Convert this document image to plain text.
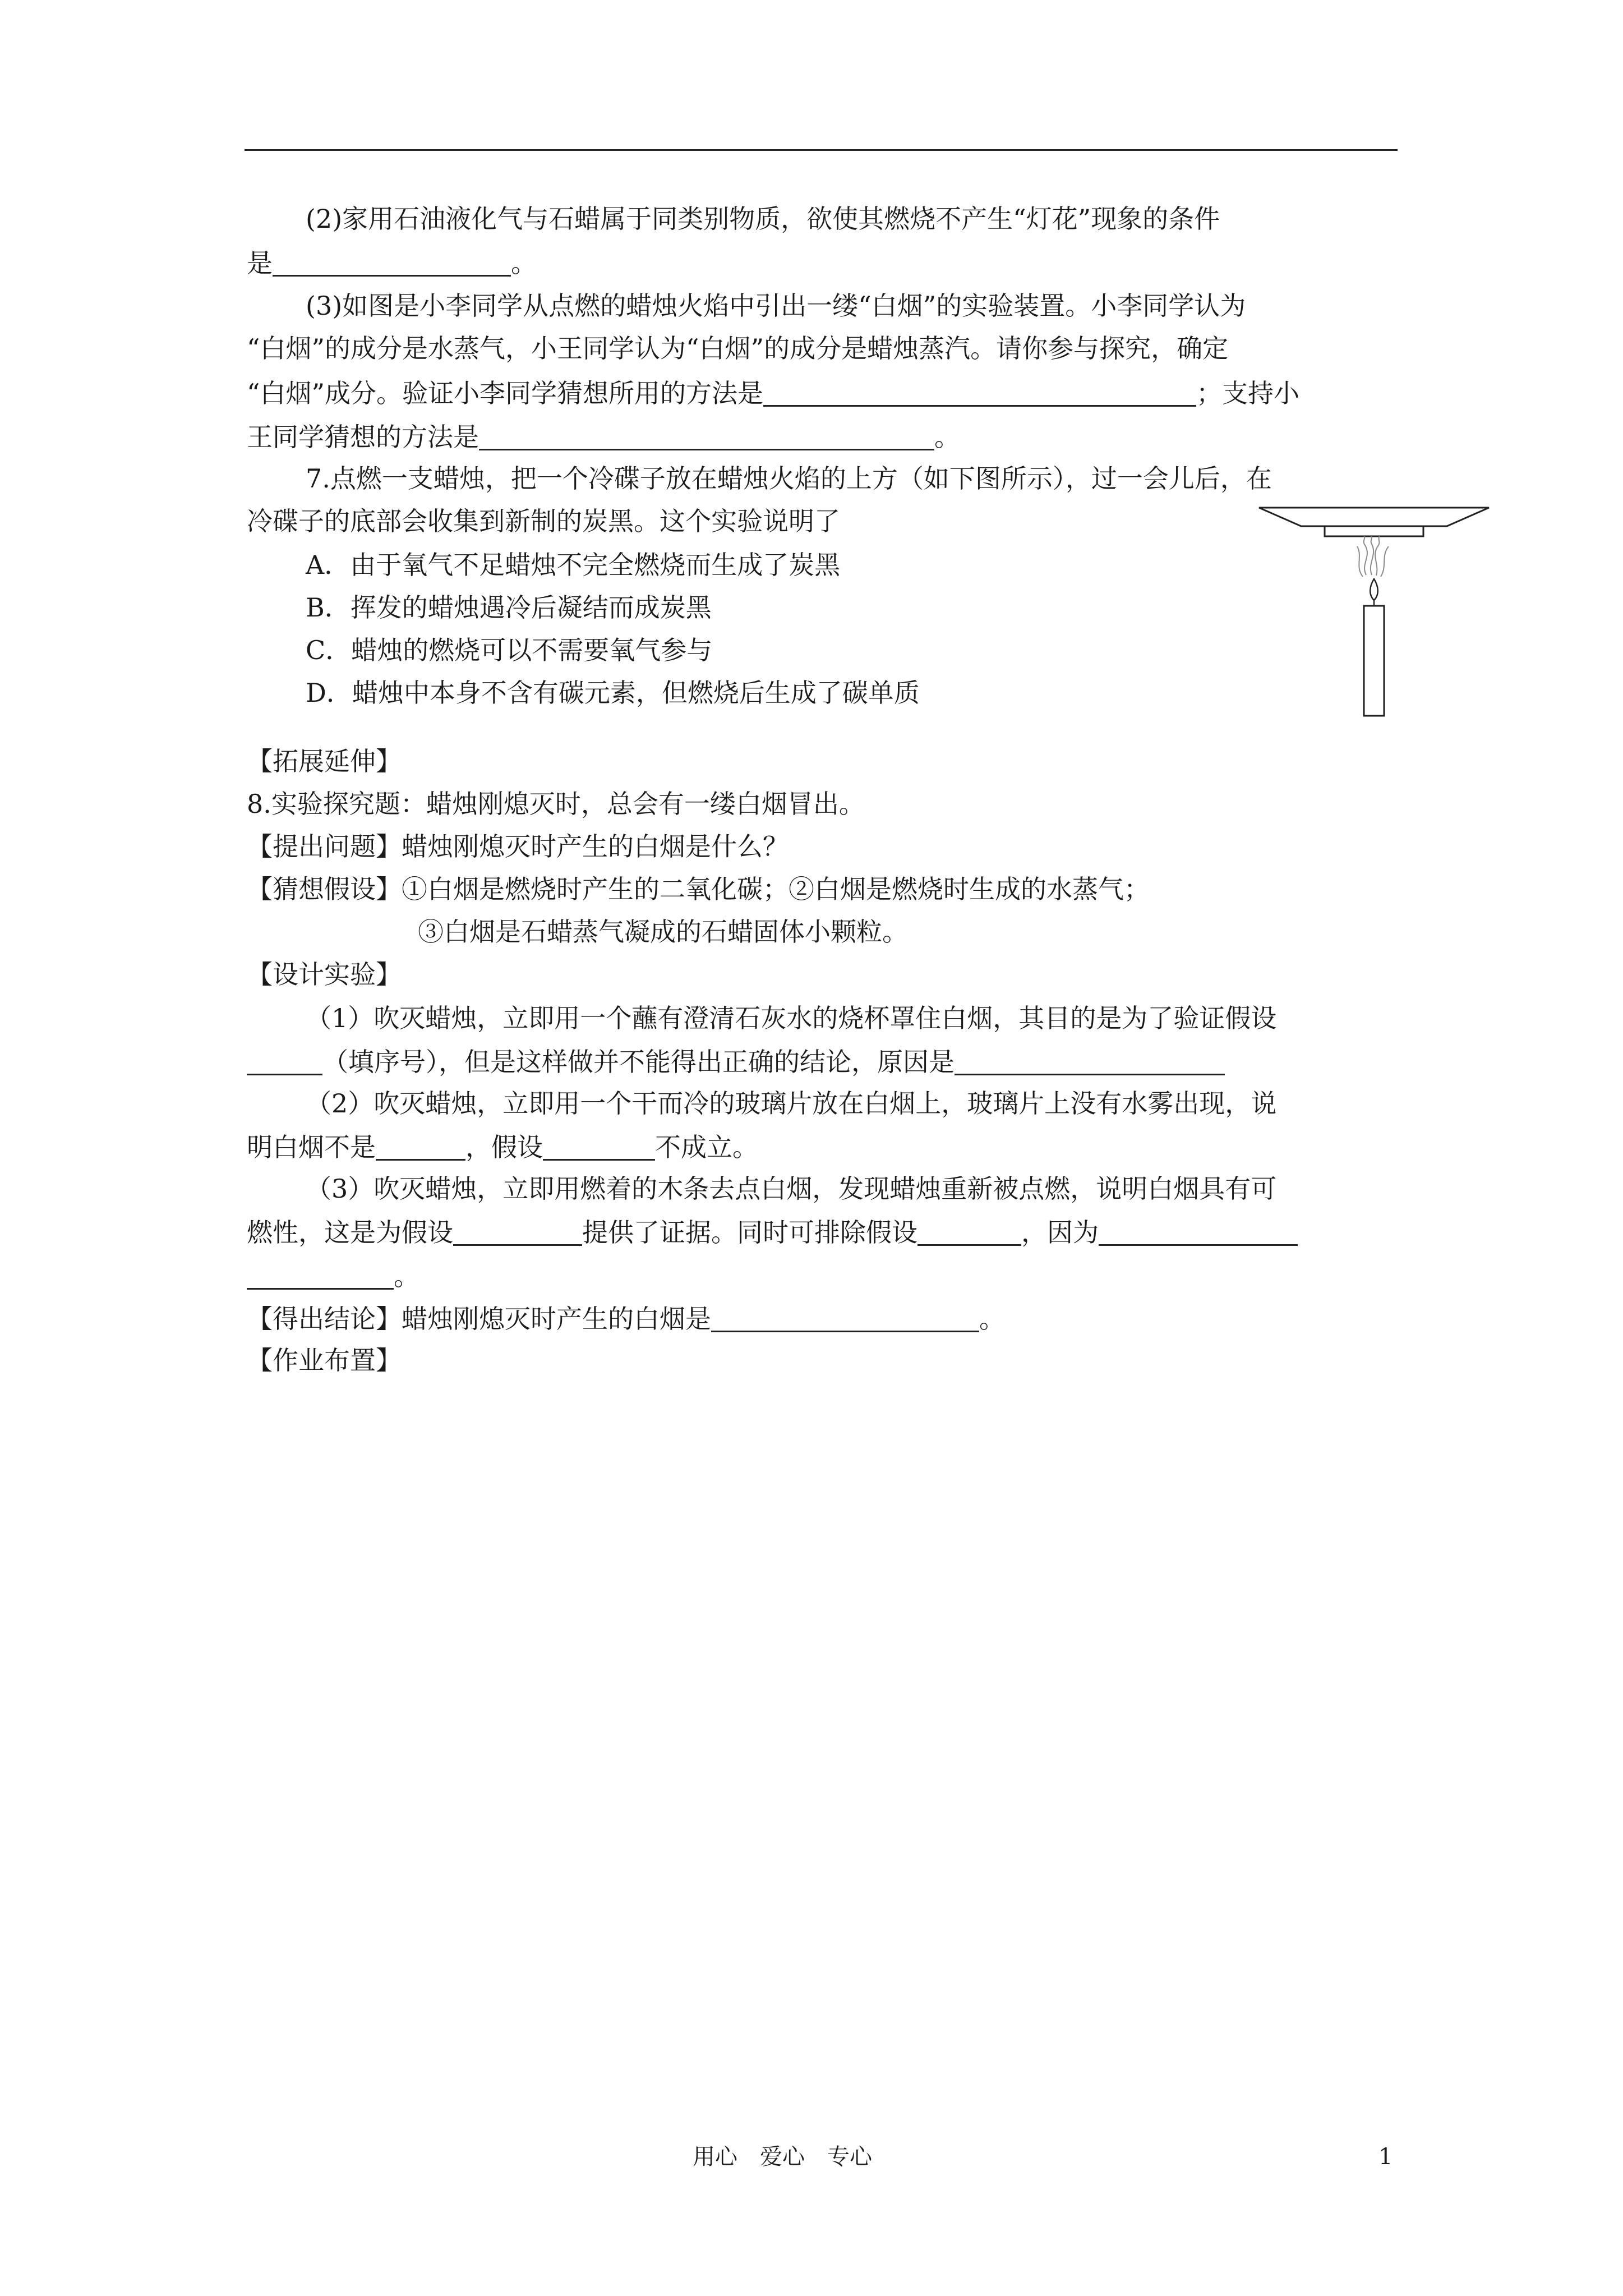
(2)家用石油液化气与石蜡属于同类别物质，欲使其燃烧不产生“灯花”现象的条件
是	。
(3)如图是小李同学从点燃的蜡烛火焰中引出一缕“白烟”的实验装置。小李同学认为
“白烟”的成分是水蒸气，小王同学认为“白烟”的成分是蜡烛蒸汽。请你参与探究，确定
“白烟”成分。验证小李同学猜想所用的方法是	；支持小
王同学猜想的方法是	。
7.点燃一支蜡烛，把一个冷碟子放在蜡烛火焰的上方（如下图所示），过一会儿后，在
冷碟子的底部会收集到新制的炭黑。这个实验说明了
A．由于氧气不足蜡烛不完全燃烧而生成了炭黑
B．挥发的蜡烛遇冷后凝结而成炭黑
C．蜡烛的燃烧可以不需要氧气参与
D．蜡烛中本身不含有碳元素，但燃烧后生成了碳单质
【拓展延伸】
8.实验探究题：蜡烛刚熄灭时，总会有一缕白烟冒出。
【提出问题】蜡烛刚熄灭时产生的白烟是什么？
【猜想假设】①白烟是燃烧时产生的二氧化碳；②白烟是燃烧时生成的水蒸气；
③白烟是石蜡蒸气凝成的石蜡固体小颗粒。
【设计实验】
（1）吹灭蜡烛，立即用一个蘸有澄清石灰水的烧杯罩住白烟，其目的是为了验证假设
（填序号），但是这样做并不能得出正确的结论，原因是
（2）吹灭蜡烛，立即用一个干而冷的玻璃片放在白烟上，玻璃片上没有水雾出现，说
明白烟不是	，假设	不成立。
（3）吹灭蜡烛，立即用燃着的木条去点白烟，发现蜡烛重新被点燃，说明白烟具有可
燃性，这是为假设	提供了证据。同时可排除假设	，因为
。
【得出结论】蜡烛刚熄灭时产生的白烟是	。
【作业布置】
用心　爱心　专心	1
